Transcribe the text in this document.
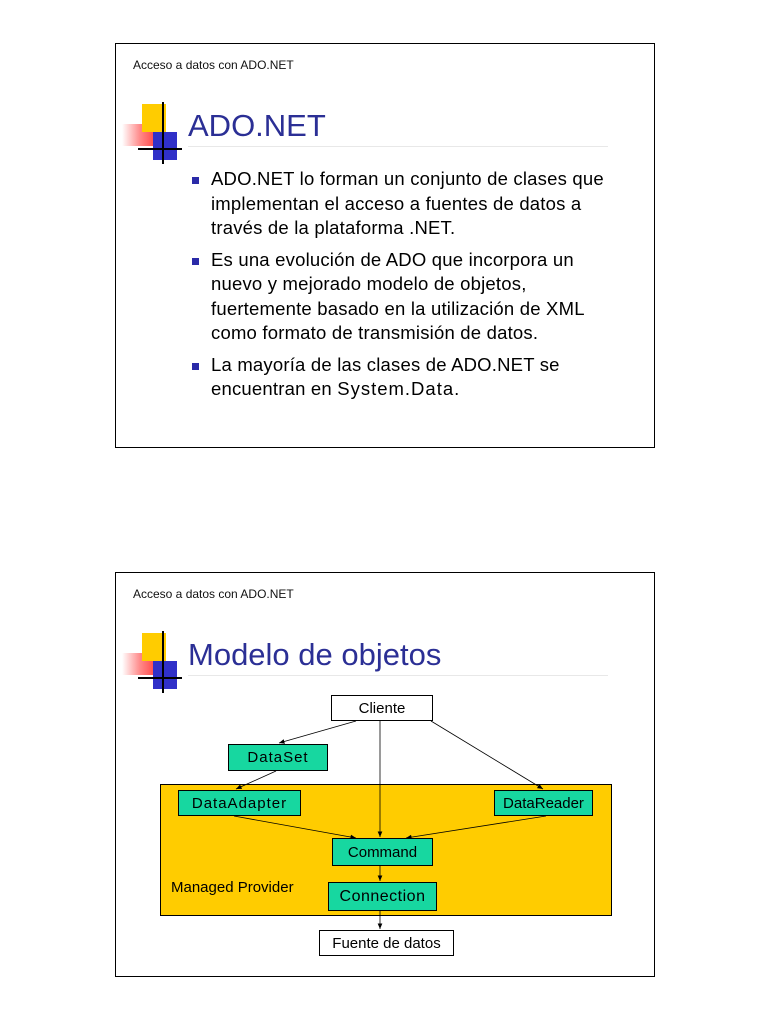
Acceso a datos con ADO.NET
ADO.NET
ADO.NET lo forman un conjunto de clases que implementan el acceso a fuentes de datos a través de la plataforma .NET.
Es una evolución de ADO que incorpora un nuevo y mejorado modelo de objetos, fuertemente basado en la utilización de XML como formato de transmisión de datos.
La mayoría de las clases de ADO.NET se encuentran en System.Data.
Acceso a datos con ADO.NET
Modelo de objetos
Managed Provider
Cliente
DataSet
DataAdapter	DataReader
Command
Connection
Fuente de datos
